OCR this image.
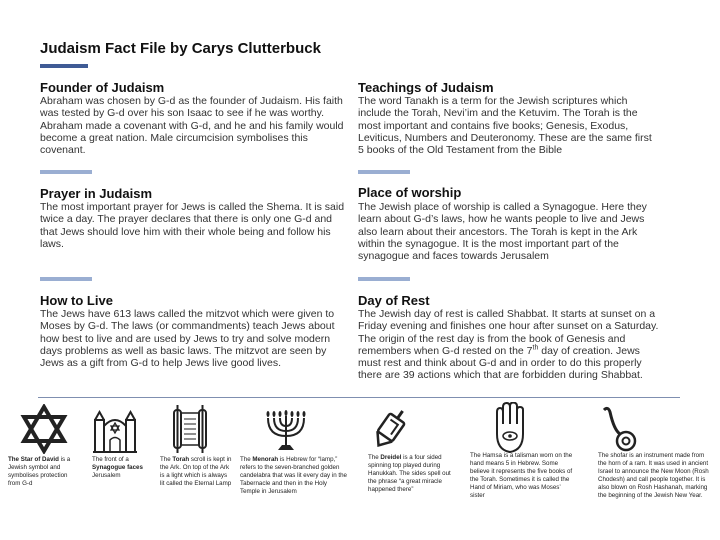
Judaism Fact File by Carys Clutterbuck
Founder of Judaism
Abraham was chosen by G-d as the founder of Judaism. His faith was tested by G-d over his son Isaac to see if he was worthy. Abraham made a covenant with G-d, and he and his family would become a great nation. Male circumcision symbolises this covenant.
Teachings of Judaism
The word Tanakh is a term for the Jewish scriptures which include the Torah, Nevi’im and the Ketuvim. The Torah is the most important and contains five books; Genesis, Exodus, Leviticus, Numbers and Deuteronomy. These are the same first 5 books of the Old Testament from the Bible
Prayer in Judaism
The most important prayer for Jews is called the Shema. It is said twice a day. The prayer declares that there is only one G-d and that Jews should love him with their whole being and follow his laws.
Place of worship
The Jewish place of worship is called a Synagogue. Here they learn about G-d’s laws, how he wants people to live and Jews also learn about their ancestors. The Torah is kept in the Ark within the synagogue. It is the most important part of the synagogue and faces towards Jerusalem
How to Live
The Jews have 613 laws called the mitzvot which were given to Moses by G-d. The laws (or commandments) teach Jews about how best to live and are used by Jews to try and solve modern days problems as well as basic laws. The mitzvot are seen by Jews as a gift from G-d to help Jews live good lives.
Day of Rest
The Jewish day of rest is called Shabbat. It starts at sunset on a Friday evening and finishes one hour after sunset on a Saturday. The origin of the rest day is from the book of Genesis and remembers when G-d rested on the 7th day of creation. Jews must rest and think about G-d and in order to do this properly there are 39 actions which that are forbidden during Shabbat.
The Star of David is a Jewish symbol and symbolises protection from G-d
The front of a Synagogue faces Jerusalem
The Torah scroll is kept in the Ark. On top of the Ark is a light which is always lit called the Eternal Lamp
The Menorah is Hebrew for “lamp,” refers to the seven-branched golden candelabra that was lit every day in the Tabernacle and then in the Holy Temple in Jerusalem
The Dreidel is a four sided spinning top played during Hanukkah. The sides spell out the phrase “a great miracle happened there”
The Hamsa is a talisman worn on the hand means 5 in Hebrew. Some believe it represents the five books of the Torah. Sometimes it is called the Hand of Miriam, who was Moses’ sister
The shofar is an instrument made from the horn of a ram. It was used in ancient Israel to announce the New Moon (Rosh Chodesh) and call people together. It is also blown on Rosh Hashanah, marking the beginning of the Jewish New Year.
